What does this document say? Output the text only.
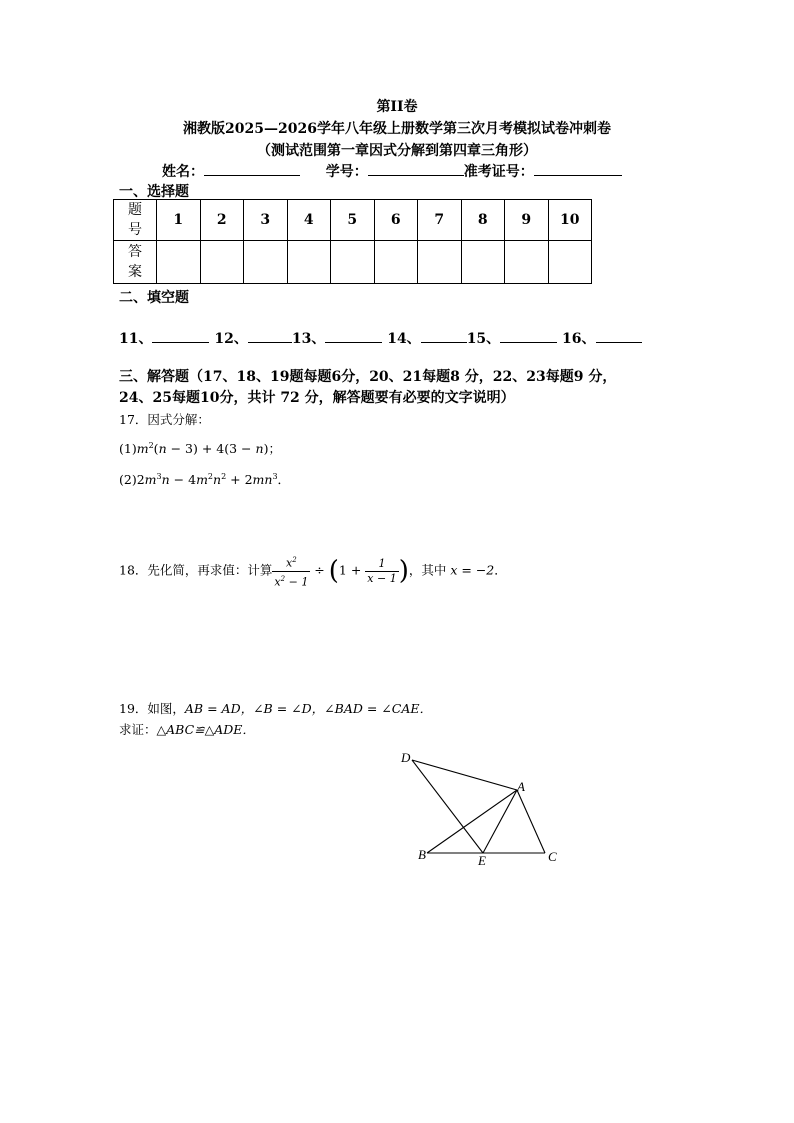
第II卷
湘教版2025—2026学年八年级上册数学第三次月考模拟试卷冲刺卷
（测试范围第一章因式分解到第四章三角形）
姓名：	学号：	准考证号：
一、选择题
题
号	1	2	3	4	5	6	7	8	9	10
答
案										
二、填空题
11、	12、	13、	14、	15、	16、
三、解答题（17、18、19题每题6分，20、21每题8 分，22、23每题9 分，
24、25每题10分，共计 72 分，解答题要有必要的文字说明）
17．因式分解：
$(1)m^2(n - 3) + 4(3 - n)$；
$(2)2m^3n - 4m^2n^2 + 2mn^3$．
18．先化简，再求值：计算 $\frac{x^2}{x^2 - 1} \div (1 + \frac{1}{x - 1}$ )，其中 x = −2．
19．如图，AB = AD，∠B = ∠D，∠BAD = ∠CAE．
求证：△ABC≌△ADE．
D
A
B	E	C
